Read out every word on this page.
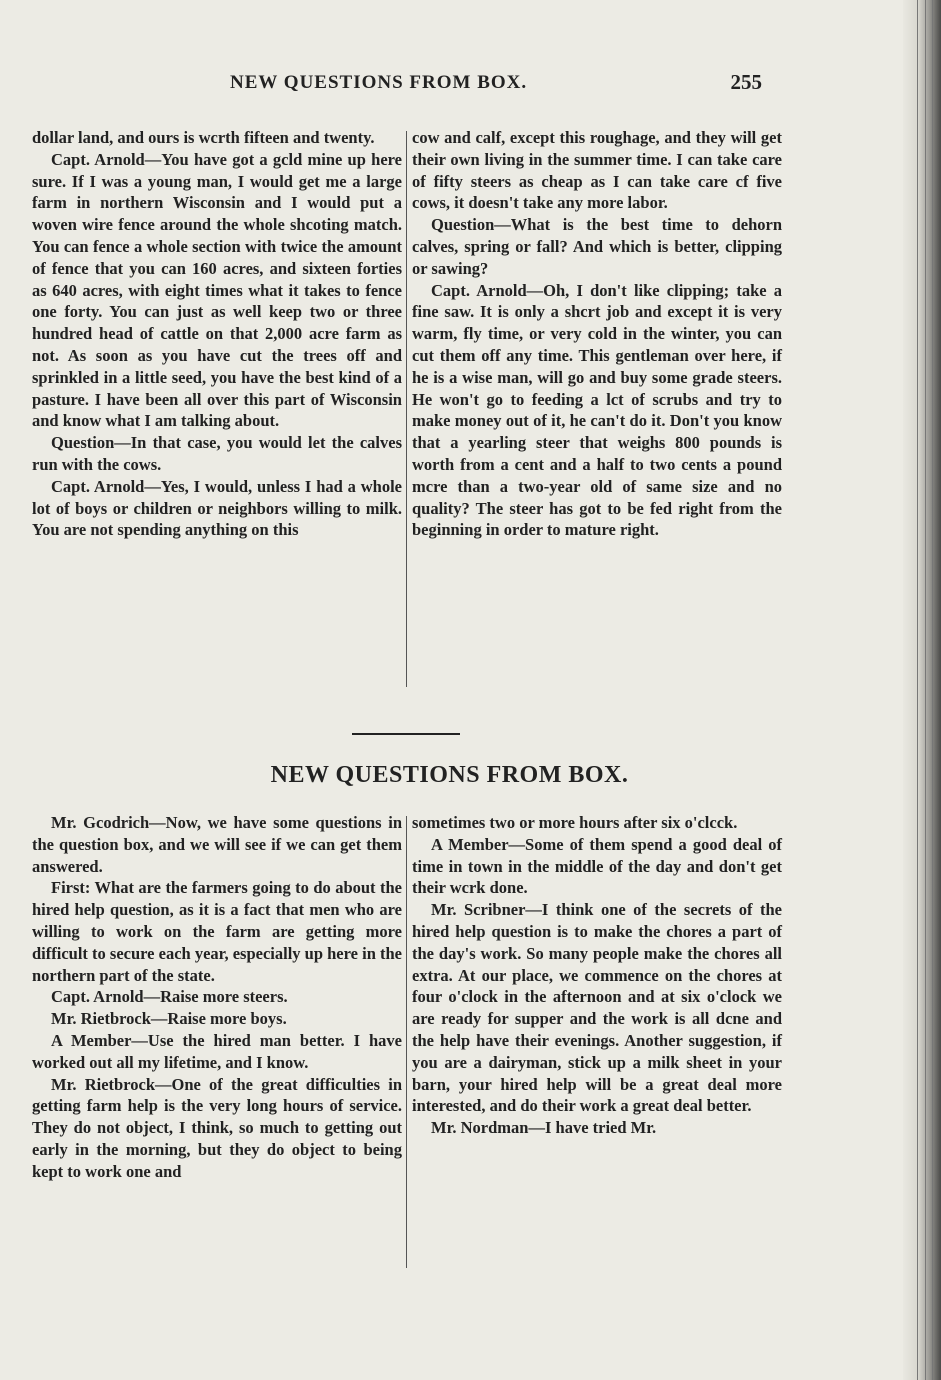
NEW QUESTIONS FROM BOX.	255

dollar land, and ours is wcrth fifteen and twenty.

Capt. Arnold—You have got a gcld mine up here sure. If I was a young man, I would get me a large farm in northern Wisconsin and I would put a woven wire fence around the whole shcoting match. You can fence a whole section with twice the amount of fence that you can 160 acres, and sixteen forties as 640 acres, with eight times what it takes to fence one forty. You can just as well keep two or three hundred head of cattle on that 2,000 acre farm as not. As soon as you have cut the trees off and sprinkled in a little seed, you have the best kind of a pasture. I have been all over this part of Wisconsin and know what I am talking about.

Question—In that case, you would let the calves run with the cows.

Capt. Arnold—Yes, I would, unless I had a whole lot of boys or children or neighbors willing to milk. You are not spending anything on this

cow and calf, except this roughage, and they will get their own living in the summer time. I can take care of fifty steers as cheap as I can take care cf five cows, it doesn't take any more labor.

Question—What is the best time to dehorn calves, spring or fall? And which is better, clipping or sawing?

Capt. Arnold—Oh, I don't like clipping; take a fine saw. It is only a shcrt job and except it is very warm, fly time, or very cold in the winter, you can cut them off any time. This gentleman over here, if he is a wise man, will go and buy some grade steers. He won't go to feeding a lct of scrubs and try to make money out of it, he can't do it. Don't you know that a yearling steer that weighs 800 pounds is worth from a cent and a half to two cents a pound mcre than a two-year old of same size and no quality? The steer has got to be fed right from the beginning in order to mature right.

NEW QUESTIONS FROM BOX.

Mr. Gcodrich—Now, we have some questions in the question box, and we will see if we can get them answered.

First: What are the farmers going to do about the hired help question, as it is a fact that men who are willing to work on the farm are getting more difficult to secure each year, especially up here in the northern part of the state.

Capt. Arnold—Raise more steers.

Mr. Rietbrock—Raise more boys.

A Member—Use the hired man better. I have worked out all my lifetime, and I know.

Mr. Rietbrock—One of the great difficulties in getting farm help is the very long hours of service. They do not object, I think, so much to getting out early in the morning, but they do object to being kept to work one and

sometimes two or more hours after six o'clcck.

A Member—Some of them spend a good deal of time in town in the middle of the day and don't get their wcrk done.

Mr. Scribner—I think one of the secrets of the hired help question is to make the chores a part of the day's work. So many people make the chores all extra. At our place, we commence on the chores at four o'clock in the afternoon and at six o'clock we are ready for supper and the work is all dcne and the help have their evenings. Another suggestion, if you are a dairyman, stick up a milk sheet in your barn, your hired help will be a great deal more interested, and do their work a great deal better.

Mr. Nordman—I have tried Mr.
